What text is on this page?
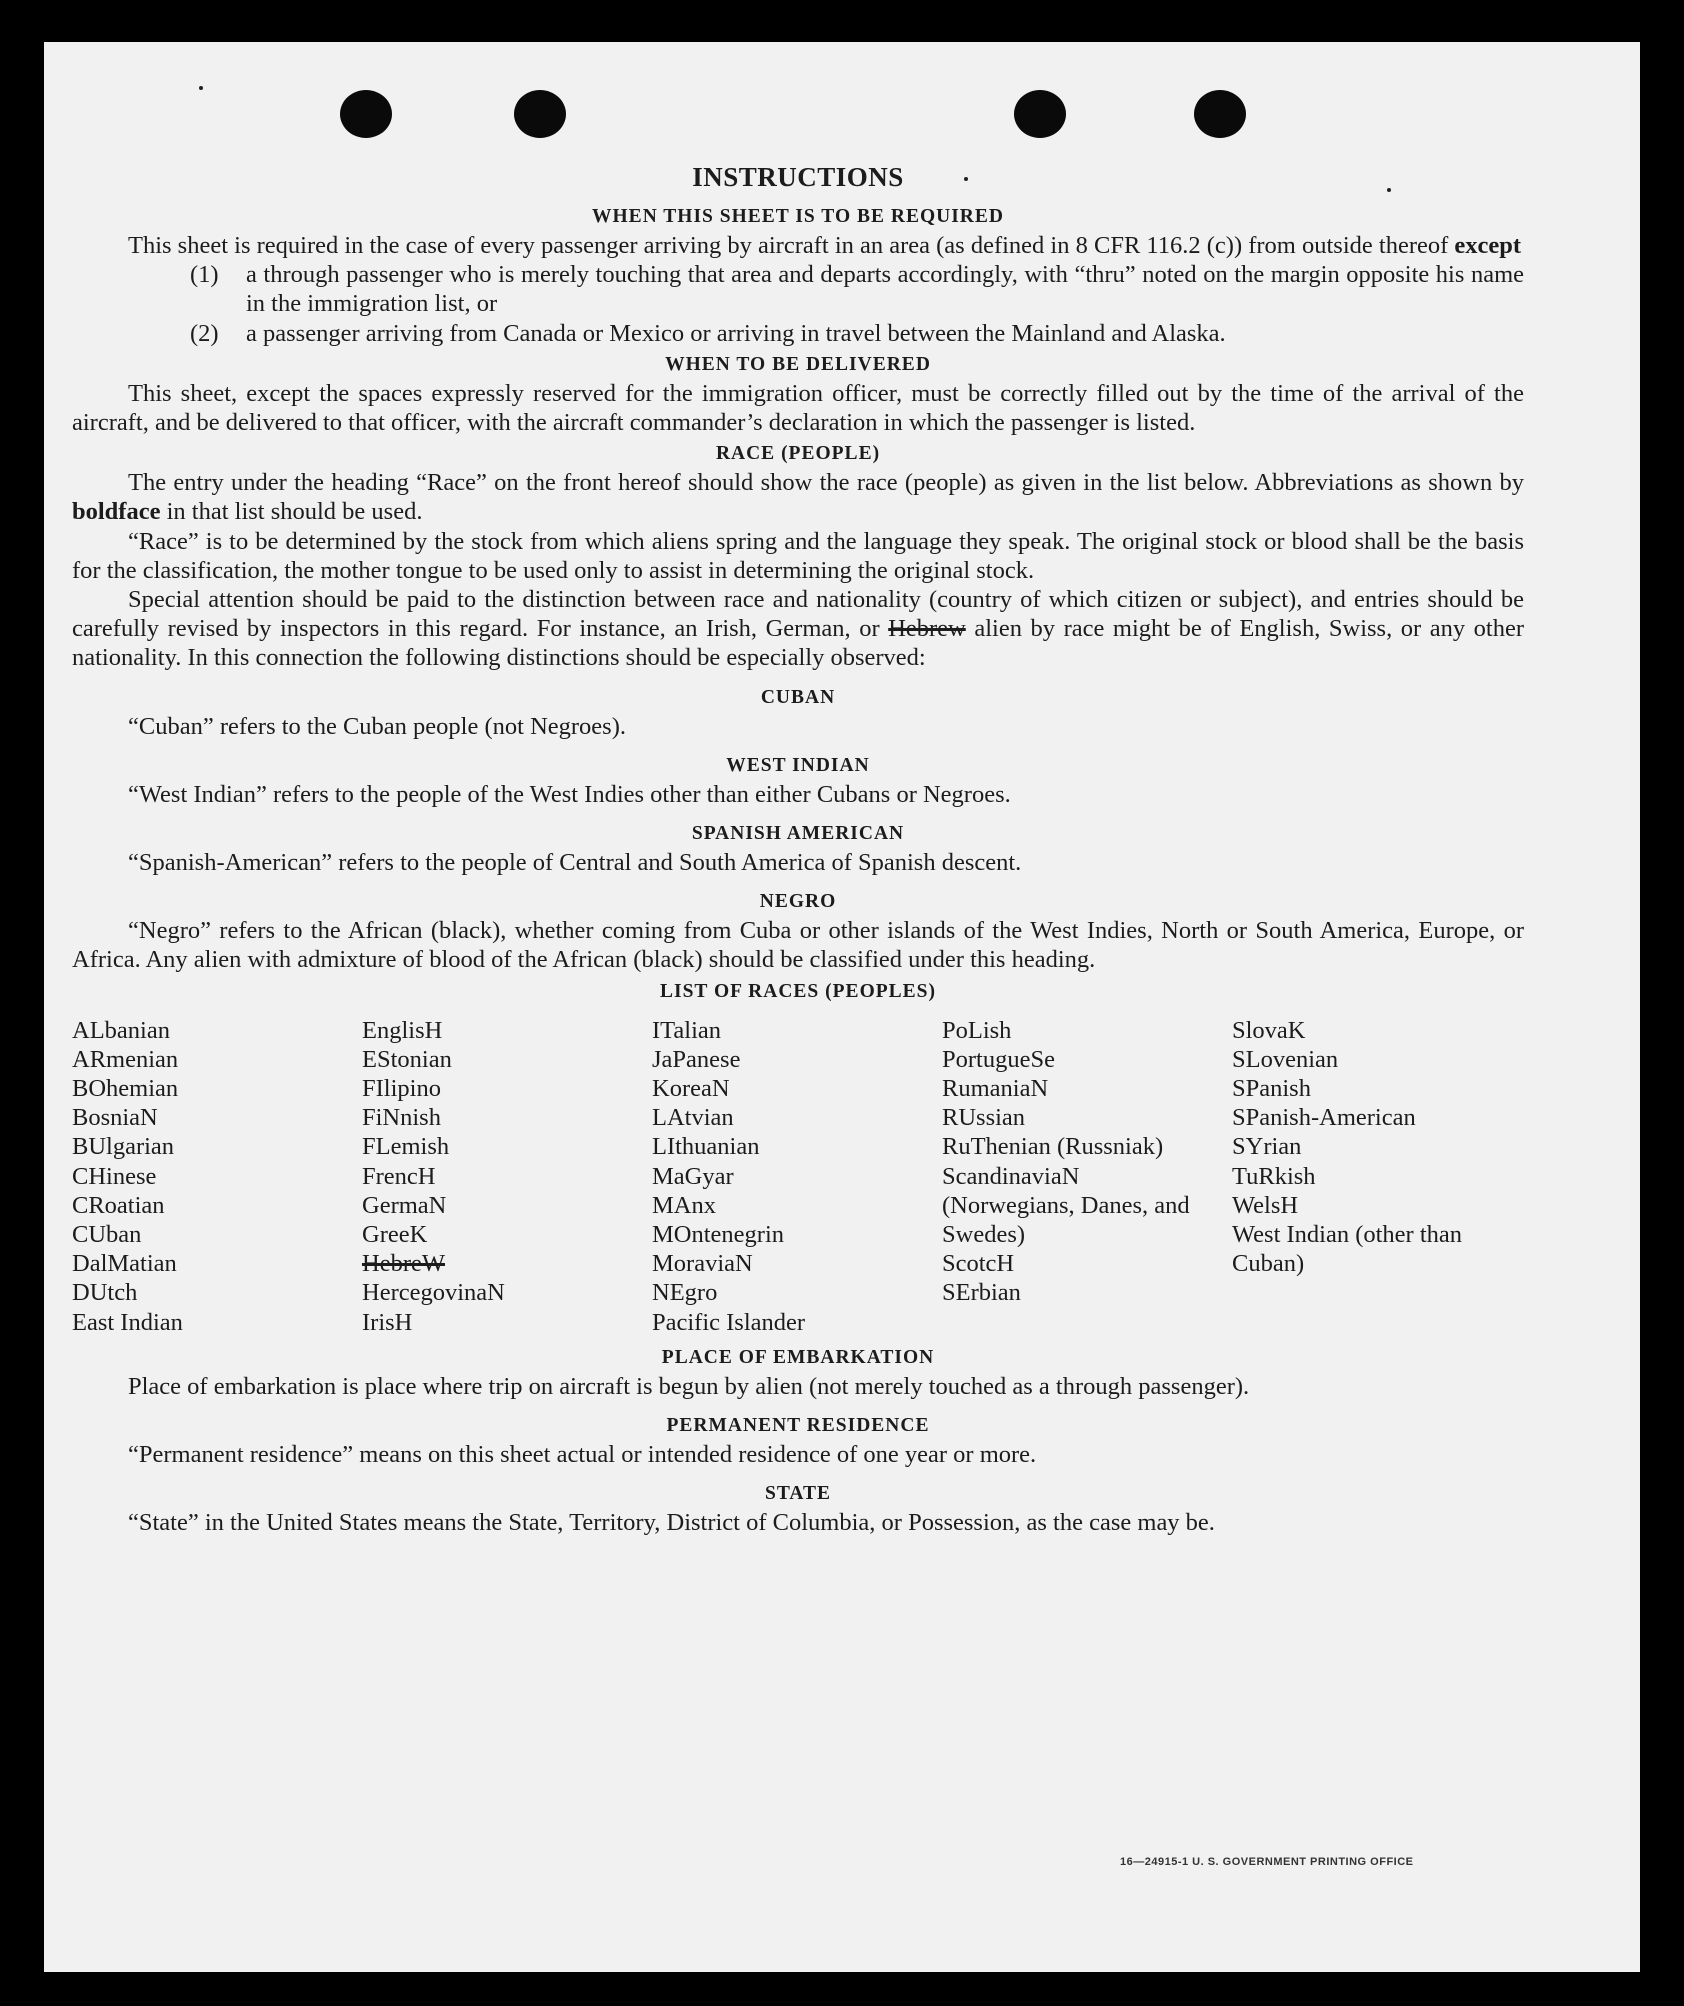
INSTRUCTIONS
WHEN THIS SHEET IS TO BE REQUIRED

This sheet is required in the case of every passenger arriving by aircraft in an area (as defined in 8 CFR 116.2 (c)) from outside thereof except

(1)	a through passenger who is merely touching that area and departs accordingly, with “thru” noted on the margin opposite his name in the immigration list, or
(2)	a passenger arriving from Canada or Mexico or arriving in travel between the Mainland and Alaska.
WHEN TO BE DELIVERED

This sheet, except the spaces expressly reserved for the immigration officer, must be correctly filled out by the time of the arrival of the aircraft, and be delivered to that officer, with the aircraft commander’s declaration in which the passenger is listed.

RACE (PEOPLE)

The entry under the heading “Race” on the front hereof should show the race (people) as given in the list below. Abbreviations as shown by boldface in that list should be used.

“Race” is to be determined by the stock from which aliens spring and the language they speak. The original stock or blood shall be the basis for the classification, the mother tongue to be used only to assist in determining the original stock.

Special attention should be paid to the distinction between race and nationality (country of which citizen or subject), and entries should be carefully revised by inspectors in this regard. For instance, an Irish, German, or Hebrew alien by race might be of English, Swiss, or any other nationality. In this connection the following distinctions should be especially observed:

CUBAN

“Cuban” refers to the Cuban people (not Negroes).

WEST INDIAN

“West Indian” refers to the people of the West Indies other than either Cubans or Negroes.

SPANISH AMERICAN

“Spanish-American” refers to the people of Central and South America of Spanish descent.

NEGRO

“Negro” refers to the African (black), whether coming from Cuba or other islands of the West Indies, North or South America, Europe, or Africa. Any alien with admixture of blood of the African (black) should be classified under this heading.

LIST OF RACES (PEOPLES)
ALbanian
ARmenian
BOhemian
BosniaN
BUlgarian
CHinese
CRoatian
CUban
DalMatian
DUtch
East Indian
EnglisH
EStonian
FIlipino
FiNnish
FLemish
FrencH
GermaN
GreeK
HebreW
HercegovinaN
IrisH
ITalian
JaPanese
KoreaN
LAtvian
LIthuanian
MaGyar
MAnx
MOntenegrin
MoraviaN
NEgro
Pacific Islander
PoLish
PortugueSe
RumaniaN
RUssian
RuThenian (Russniak)
ScandinaviaN (Norwegians, Danes, and Swedes)
ScotcH
SErbian
SlovaK
SLovenian
SPanish
SPanish-American
SYrian
TuRkish
WelsH
West Indian (other than Cuban)
PLACE OF EMBARKATION

Place of embarkation is place where trip on aircraft is begun by alien (not merely touched as a through passenger).

PERMANENT RESIDENCE

“Permanent residence” means on this sheet actual or intended residence of one year or more.

STATE

“State” in the United States means the State, Territory, District of Columbia, or Possession, as the case may be.

16—24915-1 U. S. GOVERNMENT PRINTING OFFICE
